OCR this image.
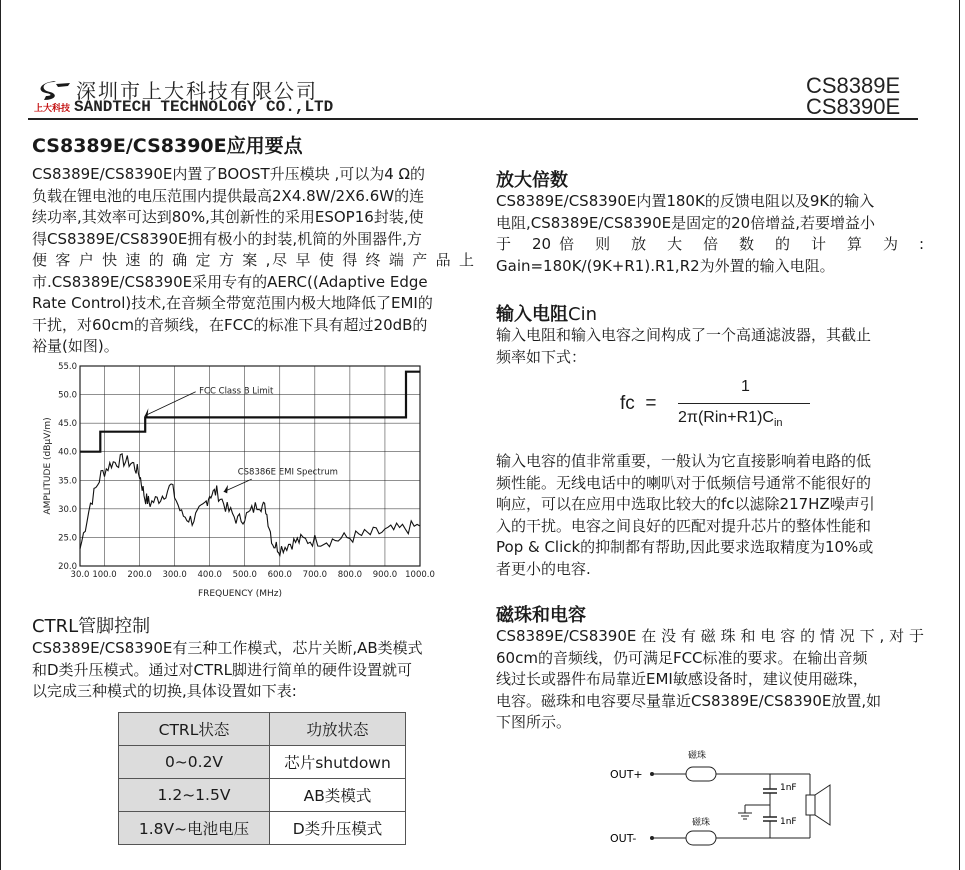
上大科技
深圳市上大科技有限公司
SANDTECH TECHNOLOGY CO.,LTD
CS8389E
CS8390E
CS8389E/CS8390E应用要点
CS8389E/CS8390E内置了BOOST升压模块 ,可以为4 Ω的
负载在锂电池的电压范围内提供最高2X4.8W/2X6.6W的连
续功率,其效率可达到80%,其创新性的采用ESOP16封装,使
得CS8389E/CS8390E拥有极小的封装,机简的外围器件,方
便 客 户 快 速 的 确 定 方 案 ,尽 早 使 得 终 端 产 品 上
市.CS8389E/CS8390E采用专有的AERC((Adaptive Edge
Rate Control)技术,在音频全带宽范围内极大地降低了EMI的
干扰，对60cm的音频线，在FCC的标准下具有超过20dB的
裕量(如图)。
20.0
25.0
30.0
35.0
40.0
45.0
50.0
55.0
30.0 100.0 200.0 300.0 400.0 500.0 600.0 700.0 800.0 900.0 1000.0
FCC Class B Limit
CS8386E EMI Spectrum
FREQUENCY (MHz)
AMPLITUDE (dBμV/m)
CTRL管脚控制
CS8389E/CS8390E有三种工作模式，芯片关断,AB类模式
和D类升压模式。通过对CTRL脚进行简单的硬件设置就可
以完成三种模式的切换,具体设置如下表:
CTRL状态	功放状态
0~0.2V	芯片shutdown
1.2~1.5V	AB类模式
1.8V~电池电压	D类升压模式
放大倍数
CS8389E/CS8390E内置180K的反馈电阻以及9K的输入
电阻,CS8389E/CS8390E是固定的20倍增益,若要增益小
于 20倍 则 放 大 倍 数 的 计 算 为 :
Gain=180K/(9K+R1).R1,R2为外置的输入电阻。
输入电阻Cin
输入电阻和输入电容之间构成了一个高通滤波器，其截止
频率如下式：
fc =
1
$2\pi(Rin+R1)C_{in}$
输入电容的值非常重要，一般认为它直接影响着电路的低
频性能。无线电话中的喇叭对于低频信号通常不能很好的
响应，可以在应用中选取比较大的fc以滤除217HZ噪声引
入的干扰。电容之间良好的匹配对提升芯片的整体性能和
Pop & Click的抑制都有帮助,因此要求选取精度为10%或
者更小的电容.
磁珠和电容
CS8389E/CS8390E在没有磁珠和电容的情况下,对于
60cm的音频线，仍可满足FCC标准的要求。在输出音频
线过长或器件布局靠近EMI敏感设备时，建议使用磁珠，
电容。磁珠和电容要尽量靠近CS8389E/CS8390E放置,如
下图所示。
OUT+
OUT-
磁珠
磁珠
1nF
1nF
